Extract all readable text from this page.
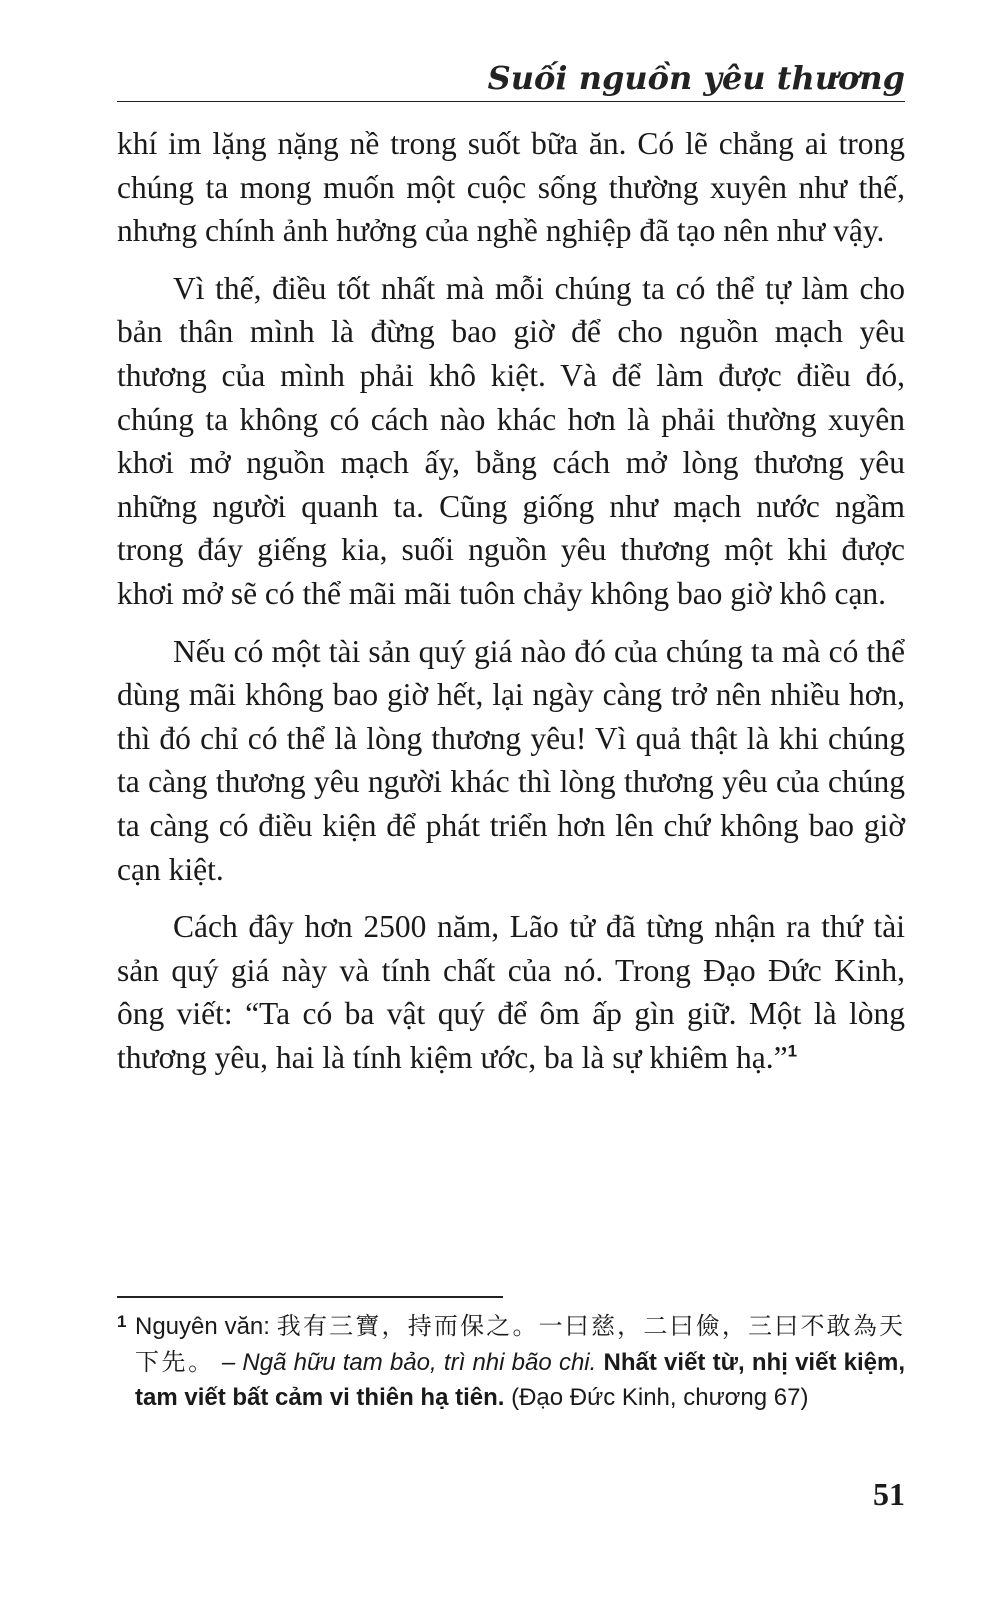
Suối nguồn yêu thương

khí im lặng nặng nề trong suốt bữa ăn. Có lẽ chẳng ai trong chúng ta mong muốn một cuộc sống thường xuyên như thế, nhưng chính ảnh hưởng của nghề nghiệp đã tạo nên như vậy.

Vì thế, điều tốt nhất mà mỗi chúng ta có thể tự làm cho bản thân mình là đừng bao giờ để cho nguồn mạch yêu thương của mình phải khô kiệt. Và để làm được điều đó, chúng ta không có cách nào khác hơn là phải thường xuyên khơi mở nguồn mạch ấy, bằng cách mở lòng thương yêu những người quanh ta. Cũng giống như mạch nước ngầm trong đáy giếng kia, suối nguồn yêu thương một khi được khơi mở sẽ có thể mãi mãi tuôn chảy không bao giờ khô cạn.

Nếu có một tài sản quý giá nào đó của chúng ta mà có thể dùng mãi không bao giờ hết, lại ngày càng trở nên nhiều hơn, thì đó chỉ có thể là lòng thương yêu! Vì quả thật là khi chúng ta càng thương yêu người khác thì lòng thương yêu của chúng ta càng có điều kiện để phát triển hơn lên chứ không bao giờ cạn kiệt.

Cách đây hơn 2500 năm, Lão tử đã từng nhận ra thứ tài sản quý giá này và tính chất của nó. Trong Đạo Đức Kinh, ông viết: “Ta có ba vật quý để ôm ấp gìn giữ. Một là lòng thương yêu, hai là tính kiệm ước, ba là sự khiêm hạ.”$^1$

1 Nguyên văn: 我有三寶，持而保之。一曰慈，二曰儉，三曰不敢為天下先。 – Ngã hữu tam bảo, trì nhi bão chi. Nhất viết từ, nhị viết kiệm, tam viết bất cảm vi thiên hạ tiên. (Đạo Đức Kinh, chương 67)
51
